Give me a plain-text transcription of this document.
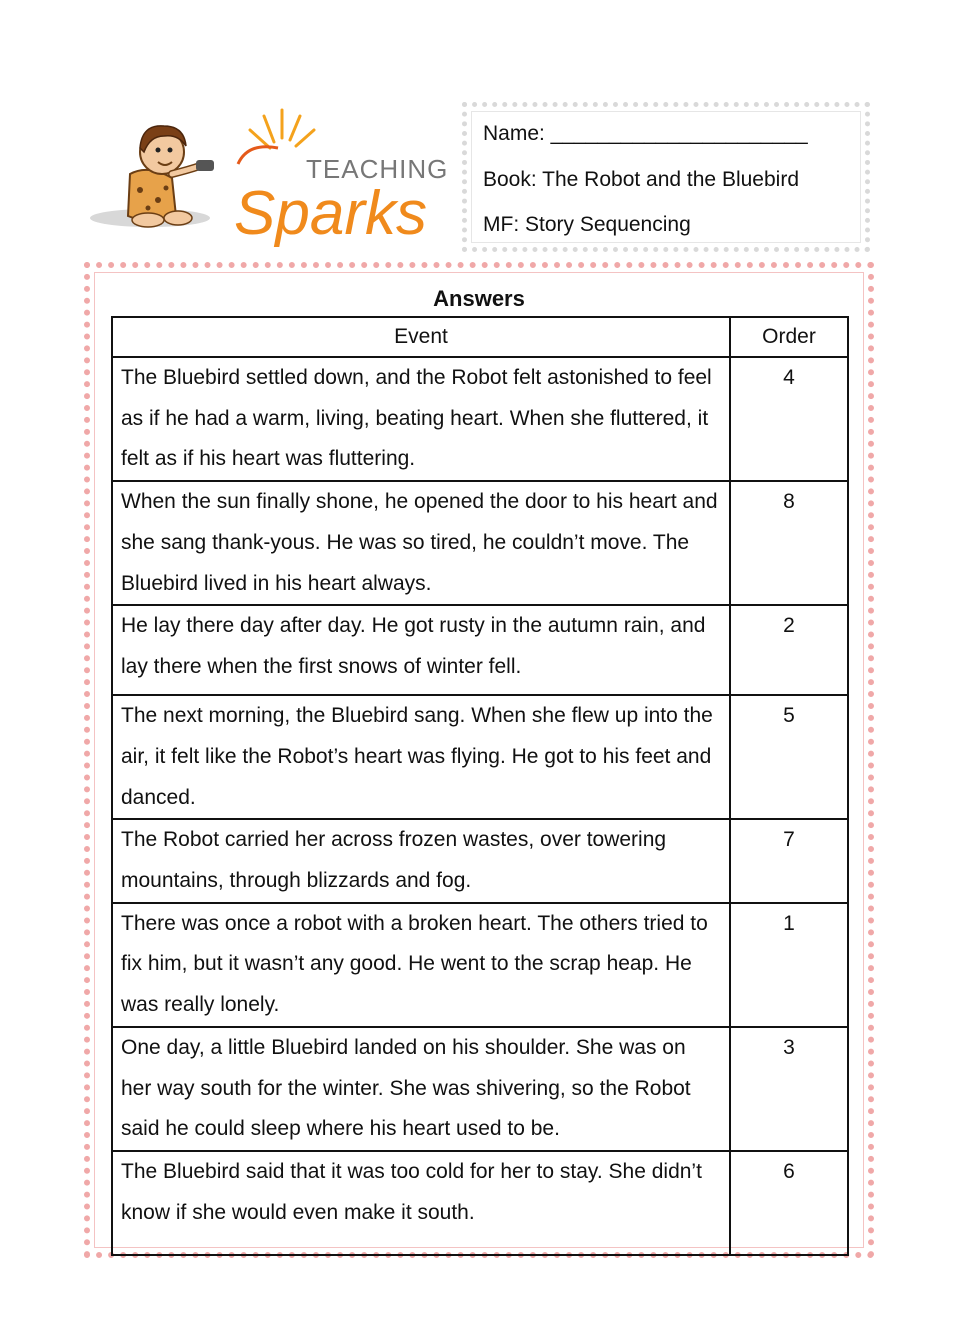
TEACHING
Sparks
Name: ______________________
Book: The Robot and the Bluebird
MF: Story Sequencing
Answers
Event	Order
The Bluebird settled down, and the Robot felt astonished to feel as if he had a warm, living, beating heart. When she fluttered, it felt as if his heart was fluttering.	4
When the sun finally shone, he opened the door to his heart and she sang thank-yous. He was so tired, he couldn’t move. The Bluebird lived in his heart always.	8
He lay there day after day. He got rusty in the autumn rain, and lay there when the first snows of winter fell.	2
The next morning, the Bluebird sang. When she flew up into the air, it felt like the Robot’s heart was flying. He got to his feet and danced.	5
The Robot carried her across frozen wastes, over towering mountains, through blizzards and fog.	7
There was once a robot with a broken heart. The others tried to fix him, but it wasn’t any good. He went to the scrap heap. He was really lonely.	1
One day, a little Bluebird landed on his shoulder. She was on her way south for the winter. She was shivering, so the Robot said he could sleep where his heart used to be.	3
The Bluebird said that it was too cold for her to stay. She didn’t know if she would even make it south.	6
